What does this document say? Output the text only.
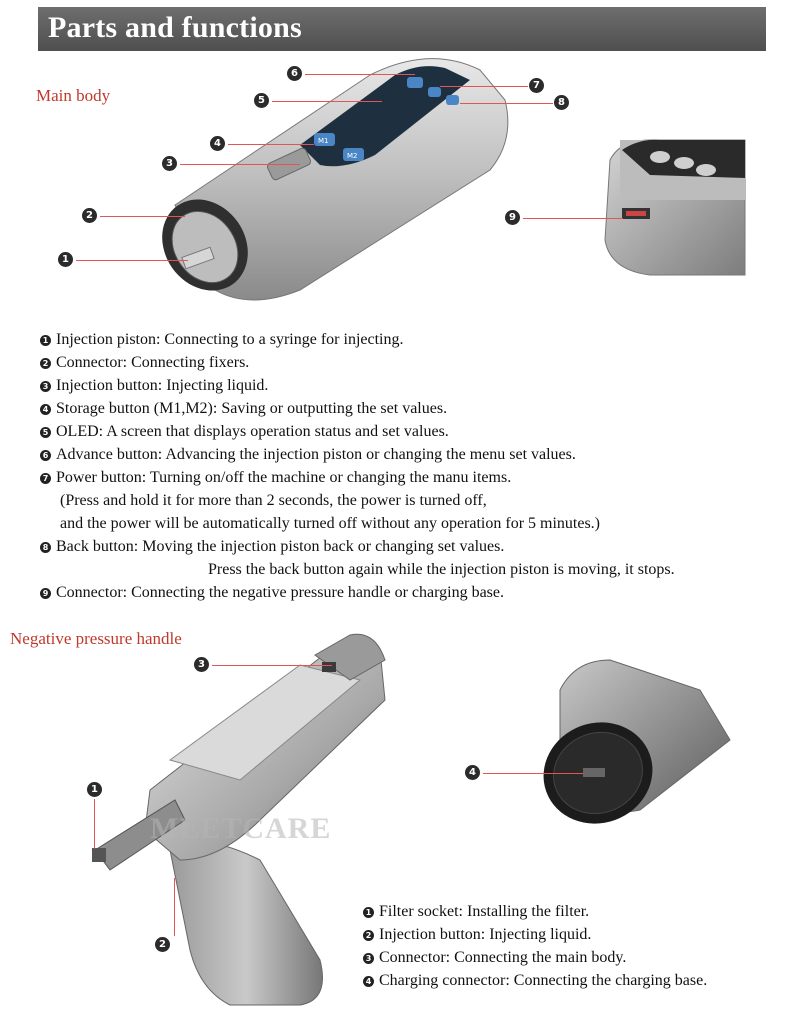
Parts and functions
Main body
M1
M2
6
5
7
8
4
3
2
1
9
1 Injection piston: Connecting to a syringe for injecting.
2 Connector: Connecting fixers.
3 Injection button: Injecting liquid.
4 Storage button (M1,M2): Saving or outputting the set values.
5 OLED: A screen that displays operation status and set values.
6 Advance button: Advancing the injection piston or changing the menu set values.
7 Power button: Turning on/off the machine or changing the manu items.
(Press and hold it for more than 2 seconds, the power is turned off,
and the power will be automatically turned off without any operation for 5 minutes.)
8 Back button: Moving the injection piston back or changing set values.
Press the back button again while the injection piston is moving, it stops.
9 Connector: Connecting the negative pressure handle or charging base.
Negative pressure handle
MEETCARE
3
1
2
4
1 Filter socket: Installing the filter.
2 Injection button: Injecting liquid.
3 Connector: Connecting the main body.
4 Charging connector: Connecting the charging base.
